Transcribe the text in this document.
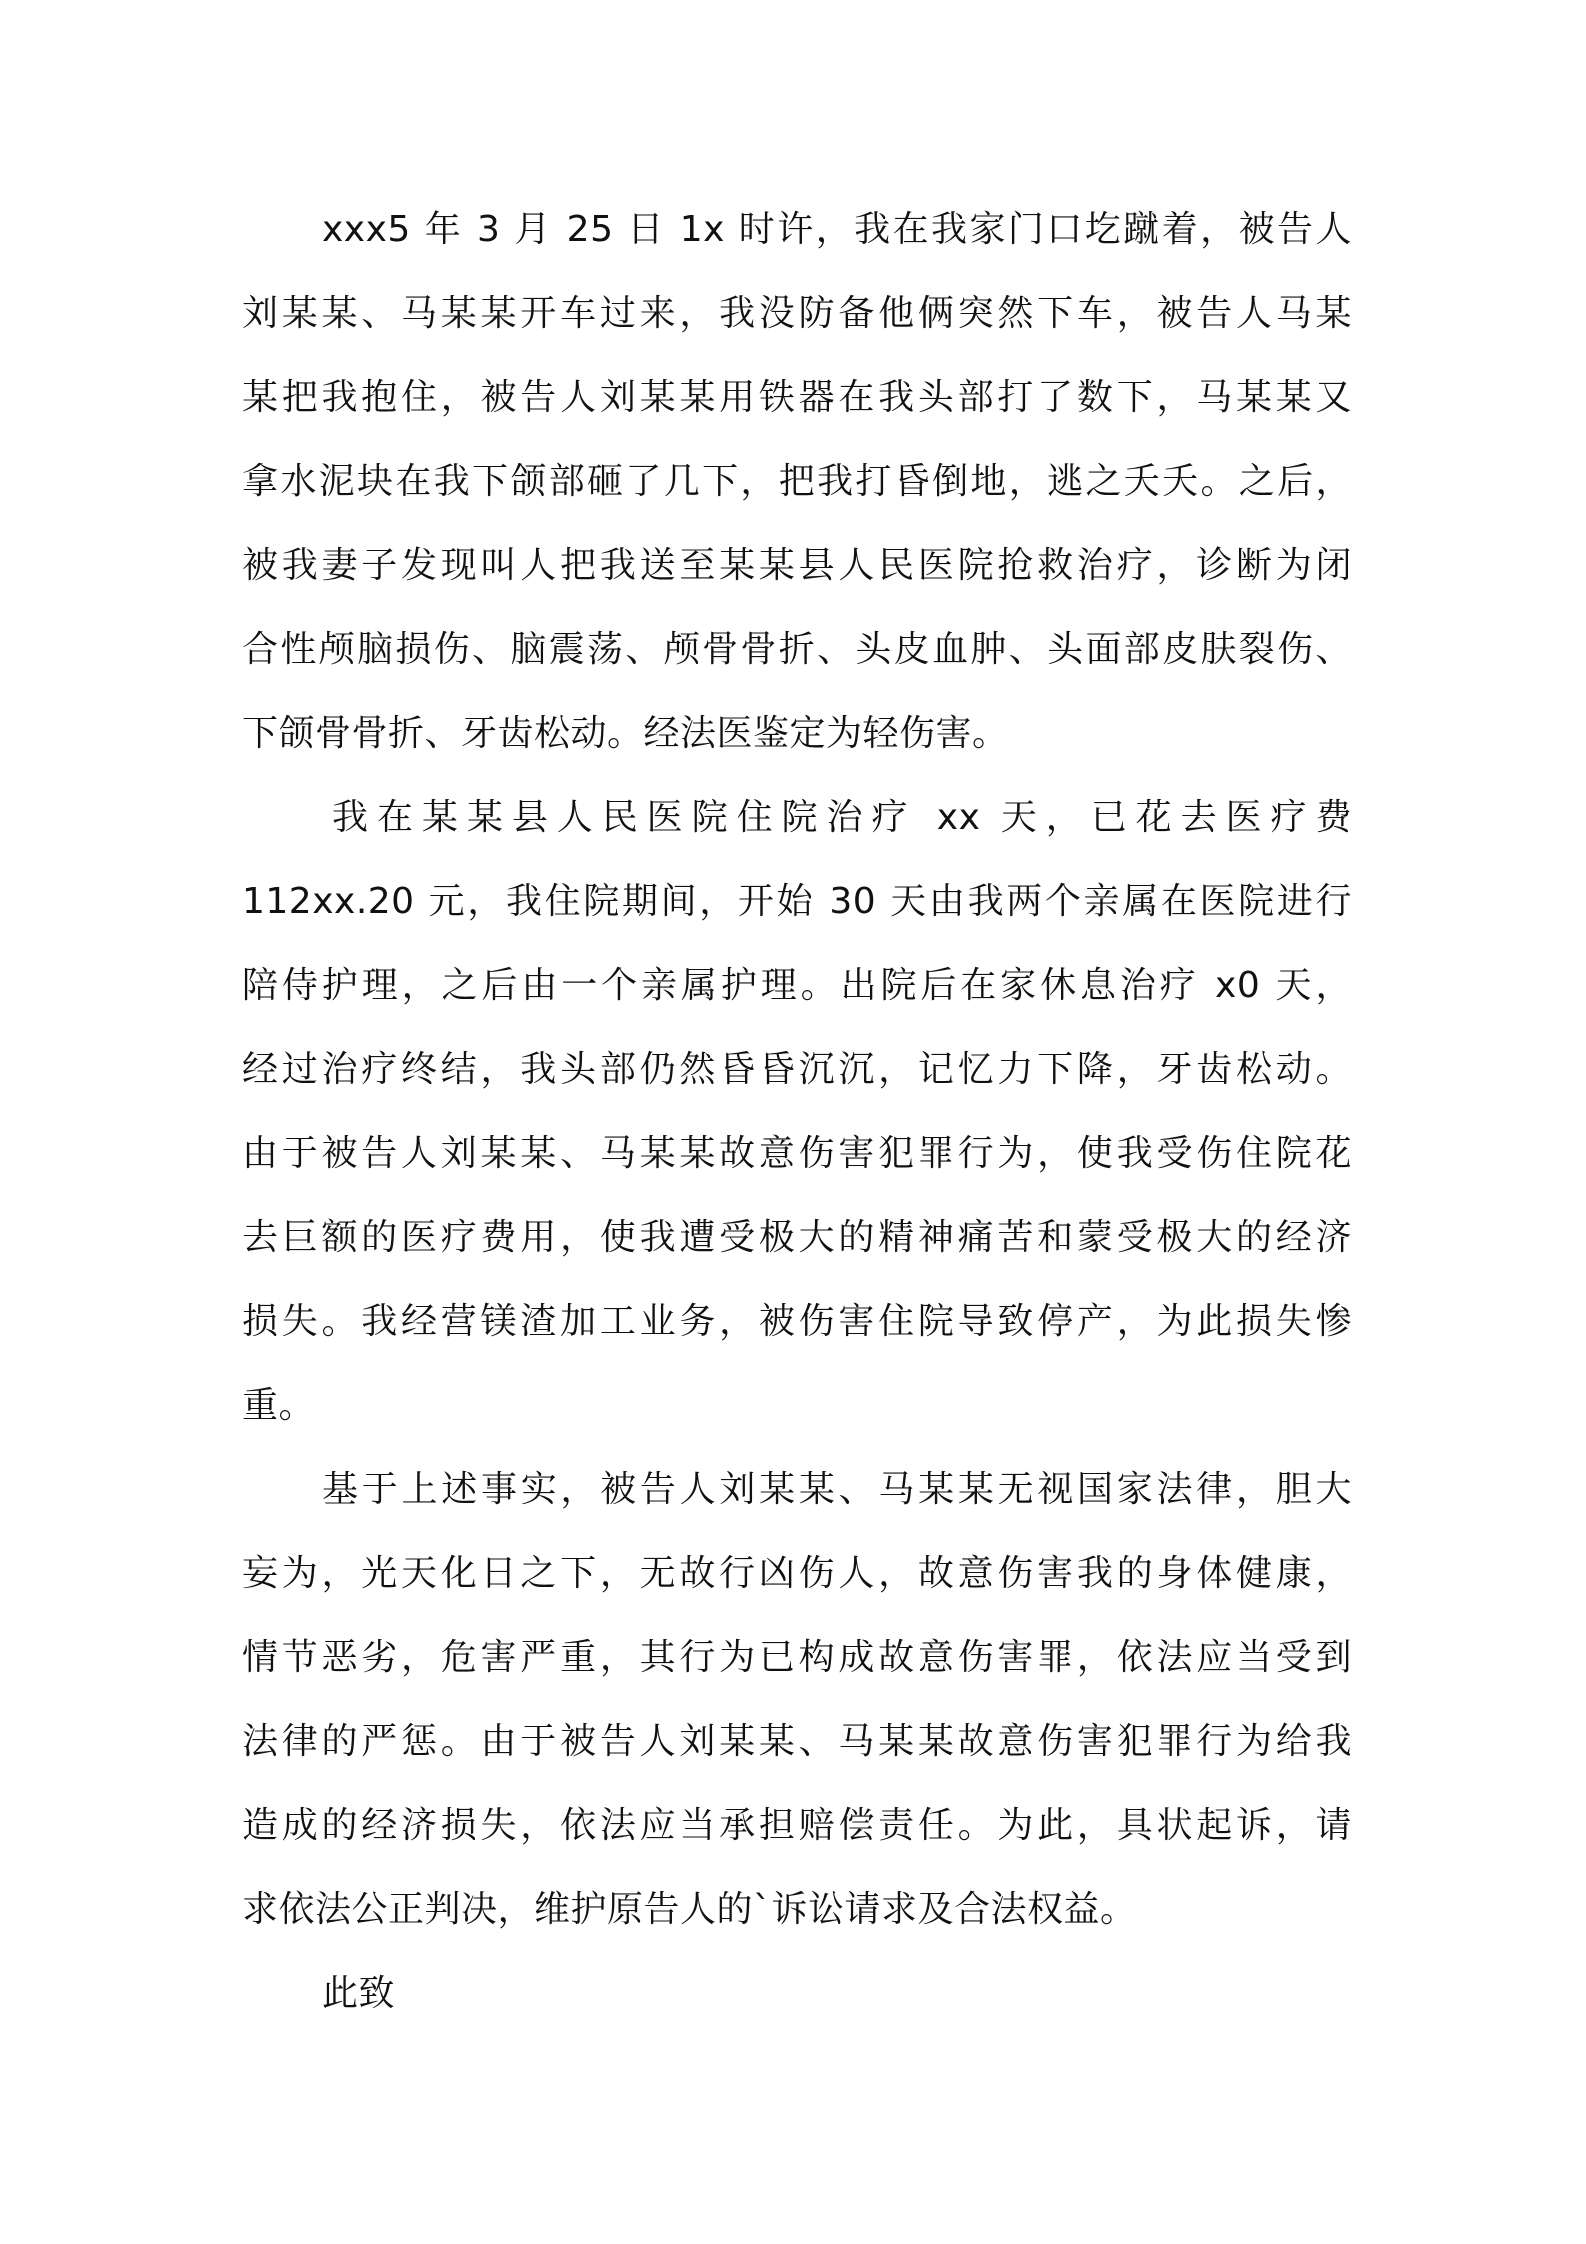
xxx5 年 3 月 25 日 1x 时许，我在我家门口圪蹴着，被告人
刘某某、马某某开车过来，我没防备他俩突然下车，被告人马某
某把我抱住，被告人刘某某用铁器在我头部打了数下，马某某又
拿水泥块在我下颌部砸了几下，把我打昏倒地，逃之夭夭。之后，
被我妻子发现叫人把我送至某某县人民医院抢救治疗，诊断为闭
合性颅脑损伤、脑震荡、颅骨骨折、头皮血肿、头面部皮肤裂伤、
下颌骨骨折、牙齿松动。经法医鉴定为轻伤害。
我在某某县人民医院住院治疗 xx 天，已花去医疗费
112xx.20 元，我住院期间，开始 30 天由我两个亲属在医院进行
陪侍护理，之后由一个亲属护理。出院后在家休息治疗 x0 天，
经过治疗终结，我头部仍然昏昏沉沉，记忆力下降，牙齿松动。
由于被告人刘某某、马某某故意伤害犯罪行为，使我受伤住院花
去巨额的医疗费用，使我遭受极大的精神痛苦和蒙受极大的经济
损失。我经营镁渣加工业务，被伤害住院导致停产，为此损失惨
重。
基于上述事实，被告人刘某某、马某某无视国家法律，胆大
妄为，光天化日之下，无故行凶伤人，故意伤害我的身体健康，
情节恶劣，危害严重，其行为已构成故意伤害罪，依法应当受到
法律的严惩。由于被告人刘某某、马某某故意伤害犯罪行为给我
造成的经济损失，依法应当承担赔偿责任。为此，具状起诉，请
求依法公正判决，维护原告人的`诉讼请求及合法权益。
此致
